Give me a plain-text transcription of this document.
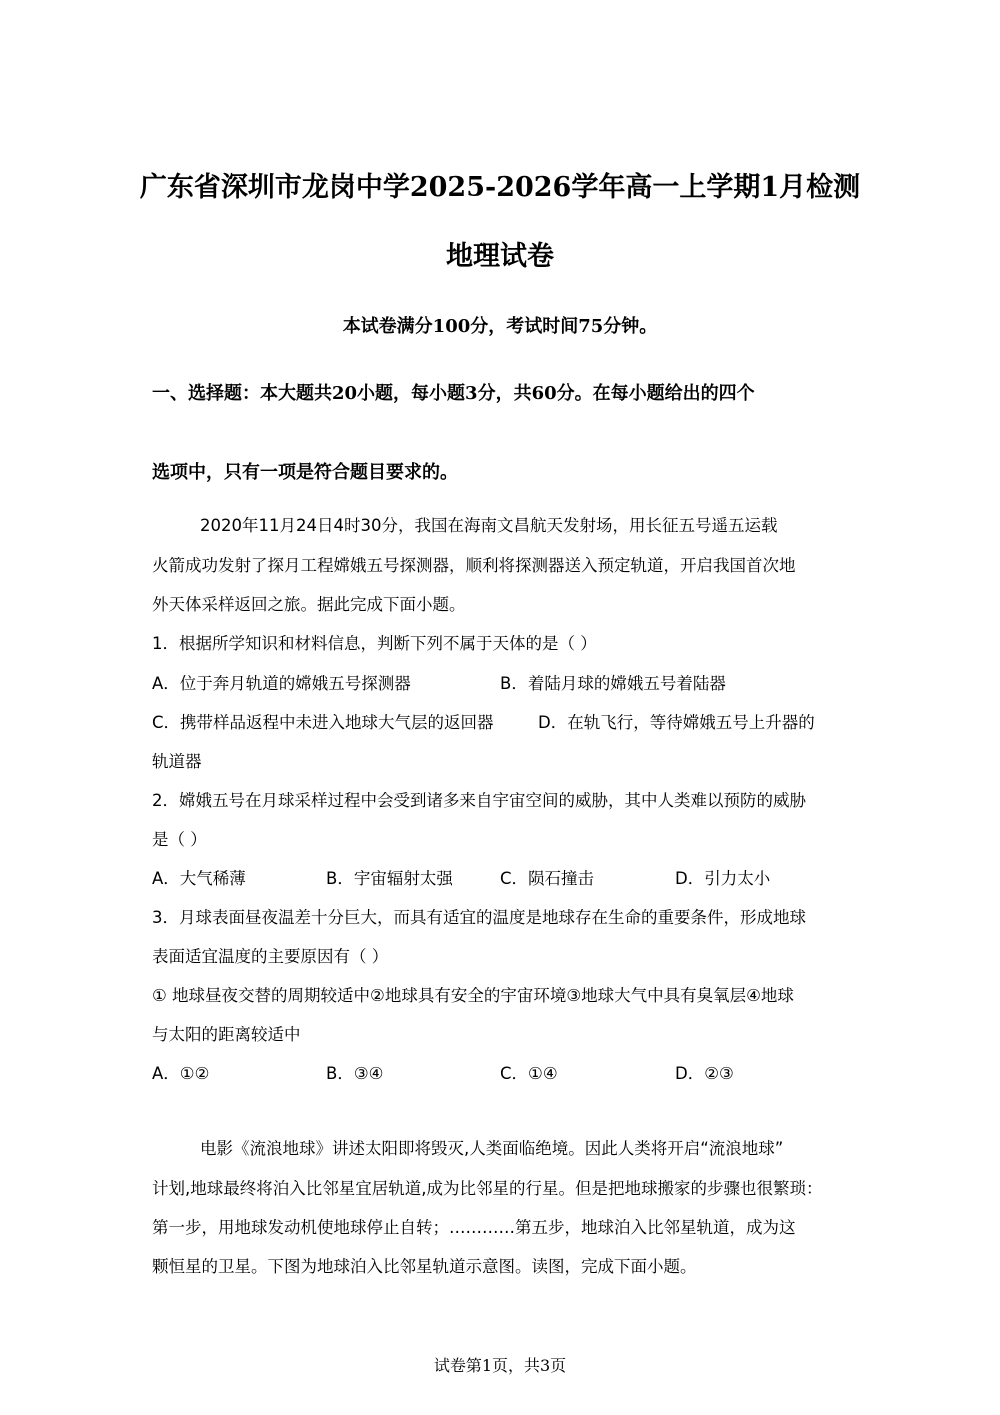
广东省深圳市龙岗中学2025-2026学年高一上学期1月检测
地理试卷
本试卷满分100分，考试时间75分钟。
一、选择题：本大题共20小题，每小题3分，共60分。在每小题给出的四个
选项中，只有一项是符合题目要求的。
2020年11月24日4时30分，我国在海南文昌航天发射场，用长征五号遥五运载
火箭成功发射了探月工程嫦娥五号探测器，顺利将探测器送入预定轨道，开启我国首次地
外天体采样返回之旅。据此完成下面小题。
1．根据所学知识和材料信息，判断下列不属于天体的是（ ）
A．位于奔月轨道的嫦娥五号探测器	B．着陆月球的嫦娥五号着陆器
C．携带样品返程中未进入地球大气层的返回器	D．在轨飞行，等待嫦娥五号上升器的
轨道器
2．嫦娥五号在月球采样过程中会受到诸多来自宇宙空间的威胁，其中人类难以预防的威胁
是（ ）
A．大气稀薄	B．宇宙辐射太强	C．陨石撞击	D．引力太小
3．月球表面昼夜温差十分巨大，而具有适宜的温度是地球存在生命的重要条件，形成地球
表面适宜温度的主要原因有（ ）
① 地球昼夜交替的周期较适中②地球具有安全的宇宙环境③地球大气中具有臭氧层④地球
与太阳的距离较适中
A．①②	B．③④	C．①④	D．②③
电影《流浪地球》讲述太阳即将毁灭,人类面临绝境。因此人类将开启“流浪地球”
计划,地球最终将泊入比邻星宜居轨道,成为比邻星的行星。但是把地球搬家的步骤也很繁琐：
第一步，用地球发动机使地球停止自转；…………第五步，地球泊入比邻星轨道，成为这
颗恒星的卫星。下图为地球泊入比邻星轨道示意图。读图，完成下面小题。
试卷第1页，共3页
